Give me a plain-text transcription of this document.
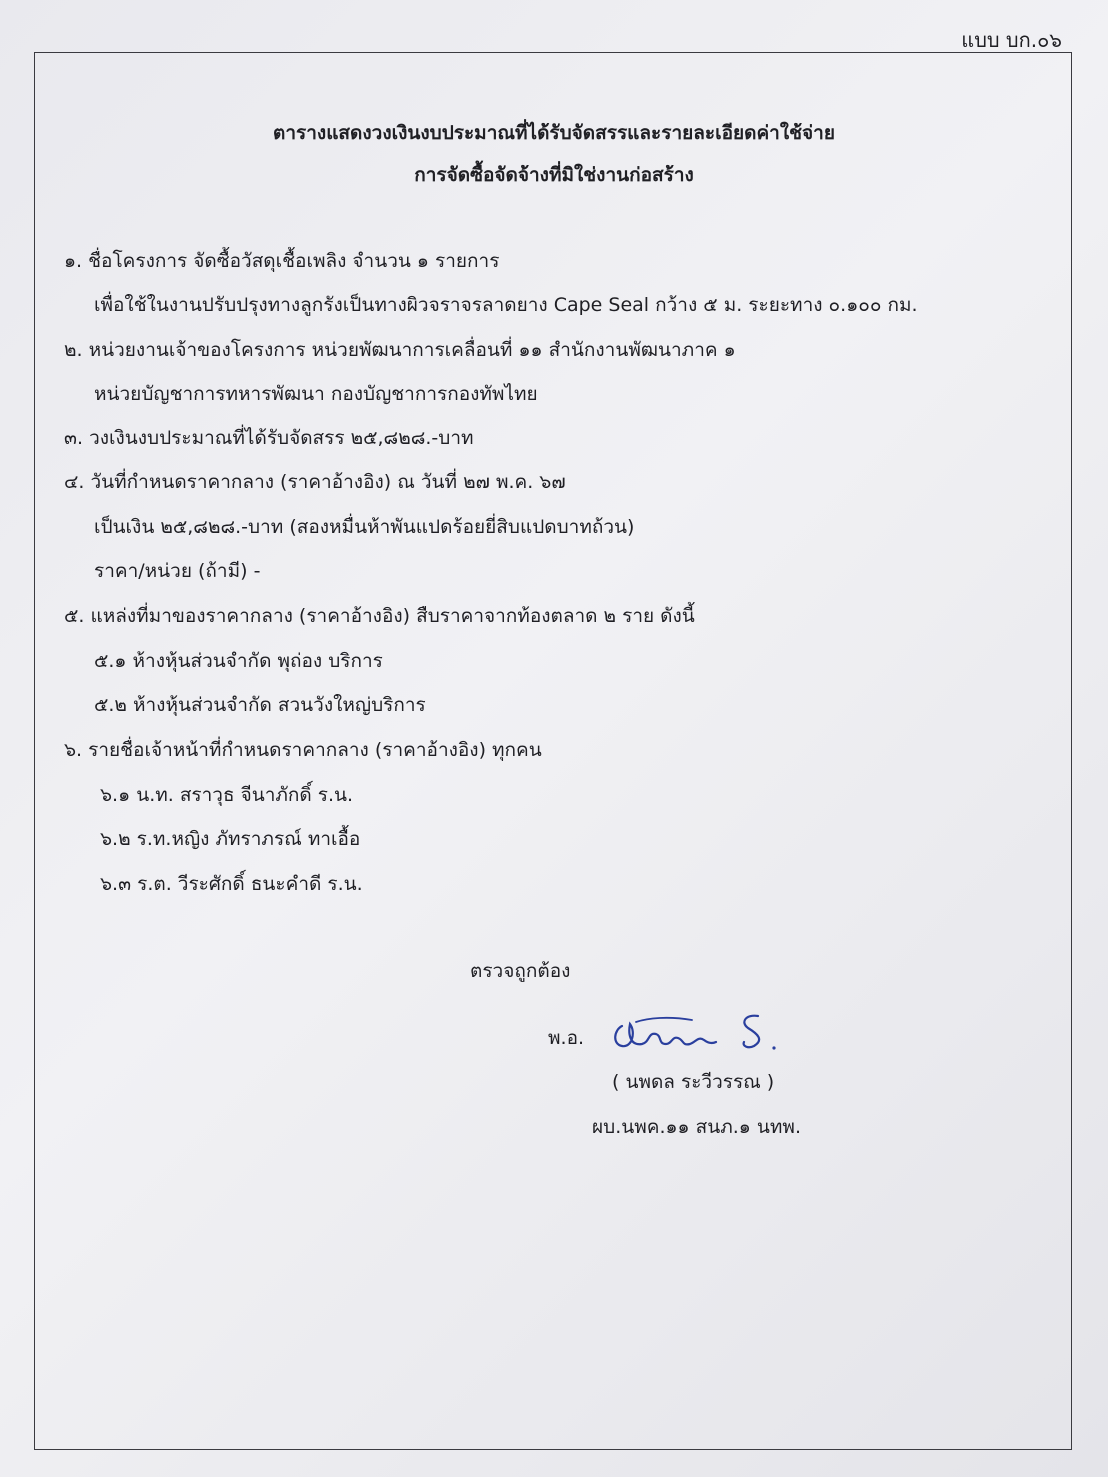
แบบ บก.๐๖
ตารางแสดงวงเงินงบประมาณที่ได้รับจัดสรรและรายละเอียดค่าใช้จ่าย
การจัดซื้อจัดจ้างที่มิใช่งานก่อสร้าง
๑. ชื่อโครงการ จัดซื้อวัสดุเชื้อเพลิง จำนวน ๑ รายการ
เพื่อใช้ในงานปรับปรุงทางลูกรังเป็นทางผิวจราจรลาดยาง Cape Seal กว้าง ๕ ม. ระยะทาง ๐.๑๐๐ กม.
๒. หน่วยงานเจ้าของโครงการ หน่วยพัฒนาการเคลื่อนที่ ๑๑ สำนักงานพัฒนาภาค ๑
หน่วยบัญชาการทหารพัฒนา กองบัญชาการกองทัพไทย
๓. วงเงินงบประมาณที่ได้รับจัดสรร ๒๕,๘๒๘.-บาท
๔. วันที่กำหนดราคากลาง (ราคาอ้างอิง) ณ วันที่ ๒๗ พ.ค. ๖๗
เป็นเงิน ๒๕,๘๒๘.-บาท (สองหมื่นห้าพันแปดร้อยยี่สิบแปดบาทถ้วน)
ราคา/หน่วย (ถ้ามี) -
๕. แหล่งที่มาของราคากลาง (ราคาอ้างอิง) สืบราคาจากท้องตลาด ๒ ราย ดังนี้
๕.๑ ห้างหุ้นส่วนจำกัด พุถ่อง บริการ
๕.๒ ห้างหุ้นส่วนจำกัด สวนวังใหญ่บริการ
๖. รายชื่อเจ้าหน้าที่กำหนดราคากลาง (ราคาอ้างอิง) ทุกคน
๖.๑ น.ท. สราวุธ จีนาภักดิ์ ร.น.
๖.๒ ร.ท.หญิง ภัทราภรณ์ ทาเอื้อ
๖.๓ ร.ต. วีระศักดิ์ ธนะคำดี ร.น.
ตรวจถูกต้อง
พ.อ.
( นพดล ระวีวรรณ )
ผบ.นพค.๑๑ สนภ.๑ นทพ.
